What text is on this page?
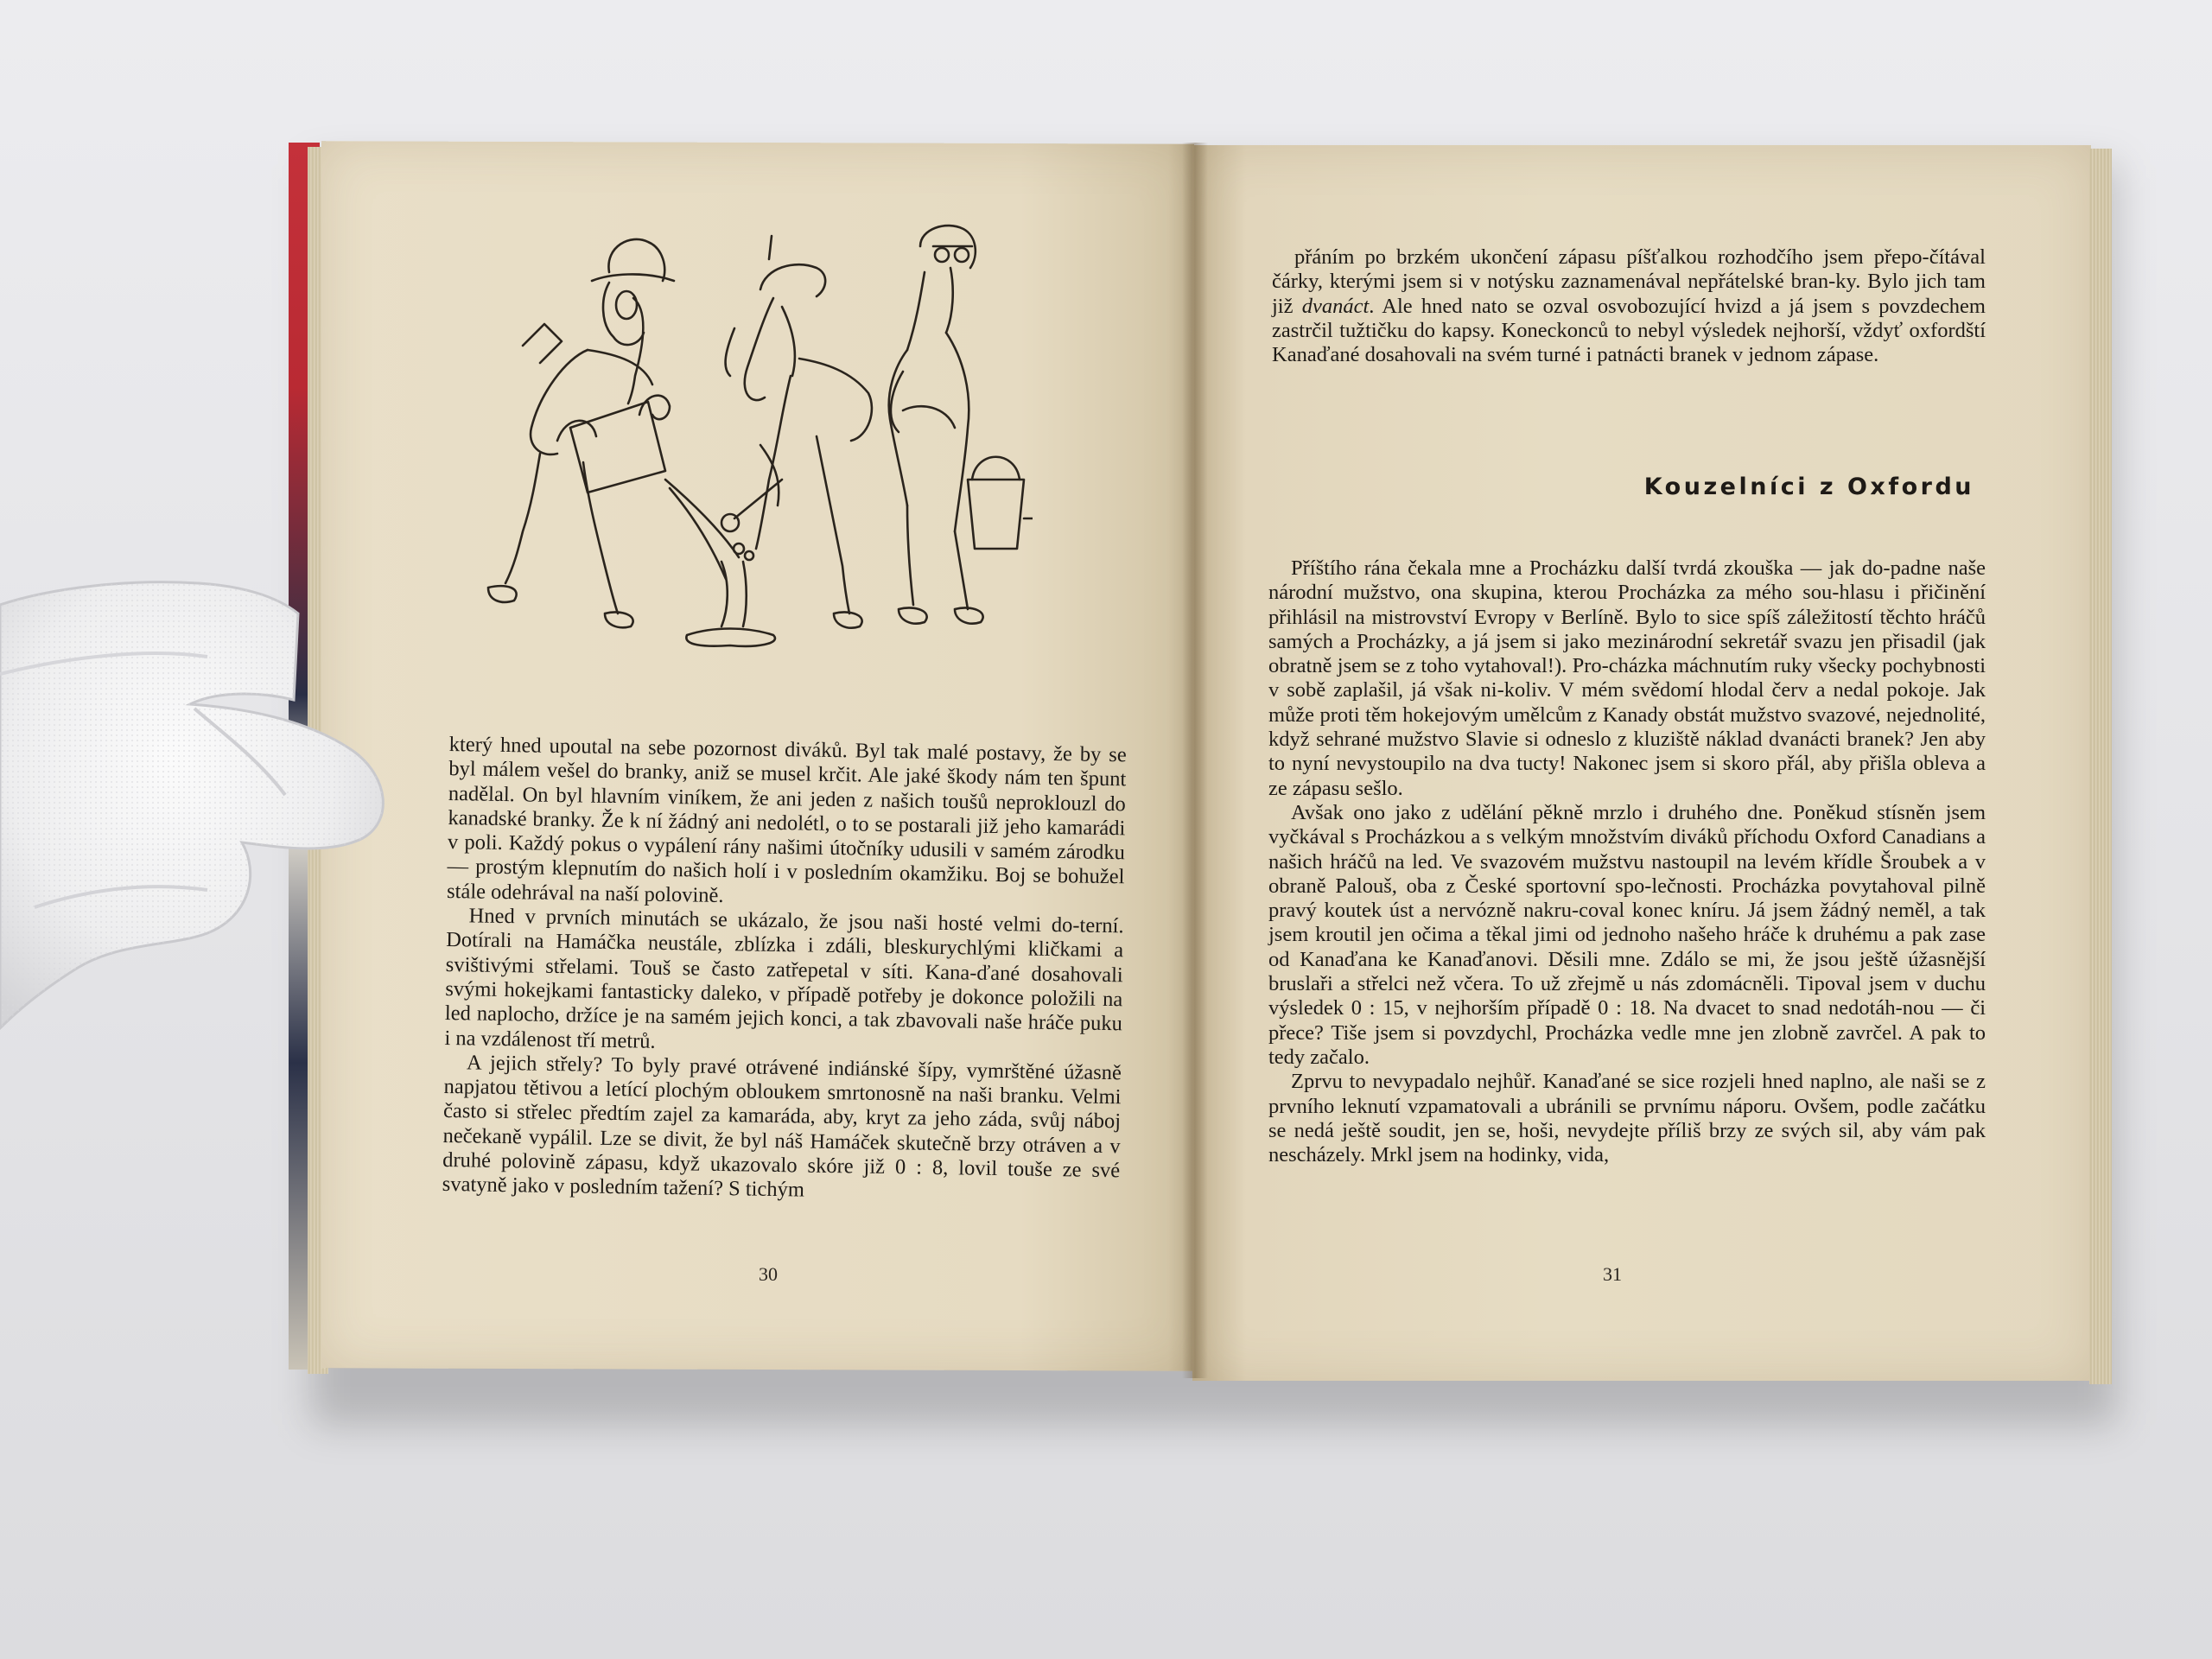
který hned upoutal na sebe pozornost diváků. Byl tak malé postavy, že by se byl málem vešel do branky, aniž se musel krčit. Ale jaké škody nám ten špunt nadělal. On byl hlavním viníkem, že ani jeden z našich toušů neproklouzl do kanadské branky. Že k ní žádný ani nedolétl, o to se postarali již jeho kamarádi v poli. Každý pokus o vypálení rány našimi útočníky udusili v samém zárodku — prostým klepnutím do našich holí i v posledním okamžiku. Boj se bohužel stále odehrával na naší polovině.

Hned v prvních minutách se ukázalo, že jsou naši hosté velmi do-terní. Dotírali na Hamáčka neustále, zblízka i zdáli, bleskurychlými kličkami a svištivými střelami. Touš se často zatřepetal v síti. Kana-ďané dosahovali svými hokejkami fantasticky daleko, v případě potřeby je dokonce položili na led naplocho, držíce je na samém jejich konci, a tak zbavovali naše hráče puku i na vzdálenost tří metrů.

A jejich střely? To byly pravé otrávené indiánské šípy, vymrštěné úžasně napjatou tětivou a letící plochým obloukem smrtonosně na naši branku. Velmi často si střelec předtím zajel za kamaráda, aby, kryt za jeho záda, svůj náboj nečekaně vypálil. Lze se divit, že byl náš Hamáček skutečně brzy otráven a v druhé polovině zápasu, když ukazovalo skóre již 0 : 8, lovil touše ze své svatyně jako v posledním tažení? S tichým

30

přáním po brzkém ukončení zápasu píšťalkou rozhodčího jsem přepo-čítával čárky, kterými jsem si v notýsku zaznamenával nepřátelské bran-ky. Bylo jich tam již dvanáct. Ale hned nato se ozval osvobozující hvizd a já jsem s povzdechem zastrčil tužtičku do kapsy. Koneckonců to nebyl výsledek nejhorší, vždyť oxfordští Kanaďané dosahovali na svém turné i patnácti branek v jednom zápase.

Kouzelníci z Oxfordu

Příštího rána čekala mne a Procházku další tvrdá zkouška — jak do-padne naše národní mužstvo, ona skupina, kterou Procházka za mého sou-hlasu i přičinění přihlásil na mistrovství Evropy v Berlíně. Bylo to sice spíš záležitostí těchto hráčů samých a Procházky, a já jsem si jako mezinárodní sekretář svazu jen přisadil (jak obratně jsem se z toho vytahoval!). Pro-cházka máchnutím ruky všecky pochybnosti v sobě zaplašil, já však ni-koliv. V mém svědomí hlodal červ a nedal pokoje. Jak může proti těm hokejovým umělcům z Kanady obstát mužstvo svazové, nejednolité, když sehrané mužstvo Slavie si odneslo z kluziště náklad dvanácti branek? Jen aby to nyní nevystoupilo na dva tucty! Nakonec jsem si skoro přál, aby přišla obleva a ze zápasu sešlo.

Avšak ono jako z udělání pěkně mrzlo i druhého dne. Poněkud stísněn jsem vyčkával s Procházkou a s velkým množstvím diváků příchodu Oxford Canadians a našich hráčů na led. Ve svazovém mužstvu nastoupil na levém křídle Šroubek a v obraně Palouš, oba z České sportovní spo-lečnosti. Procházka povytahoval pilně pravý koutek úst a nervózně nakru-coval konec kníru. Já jsem žádný neměl, a tak jsem kroutil jen očima a těkal jimi od jednoho našeho hráče k druhému a pak zase od Kanaďana ke Kanaďanovi. Děsili mne. Zdálo se mi, že jsou ještě úžasnější bruslaři a střelci než včera. To už zřejmě u nás zdomácněli. Tipoval jsem v duchu výsledek 0 : 15, v nejhorším případě 0 : 18. Na dvacet to snad nedotáh-nou — či přece? Tiše jsem si povzdychl, Procházka vedle mne jen zlobně zavrčel. A pak to tedy začalo.

Zprvu to nevypadalo nejhůř. Kanaďané se sice rozjeli hned naplno, ale naši se z prvního leknutí vzpamatovali a ubránili se prvnímu náporu. Ovšem, podle začátku se nedá ještě soudit, jen se, hoši, nevydejte příliš brzy ze svých sil, aby vám pak nescházely. Mrkl jsem na hodinky, vida,

31
